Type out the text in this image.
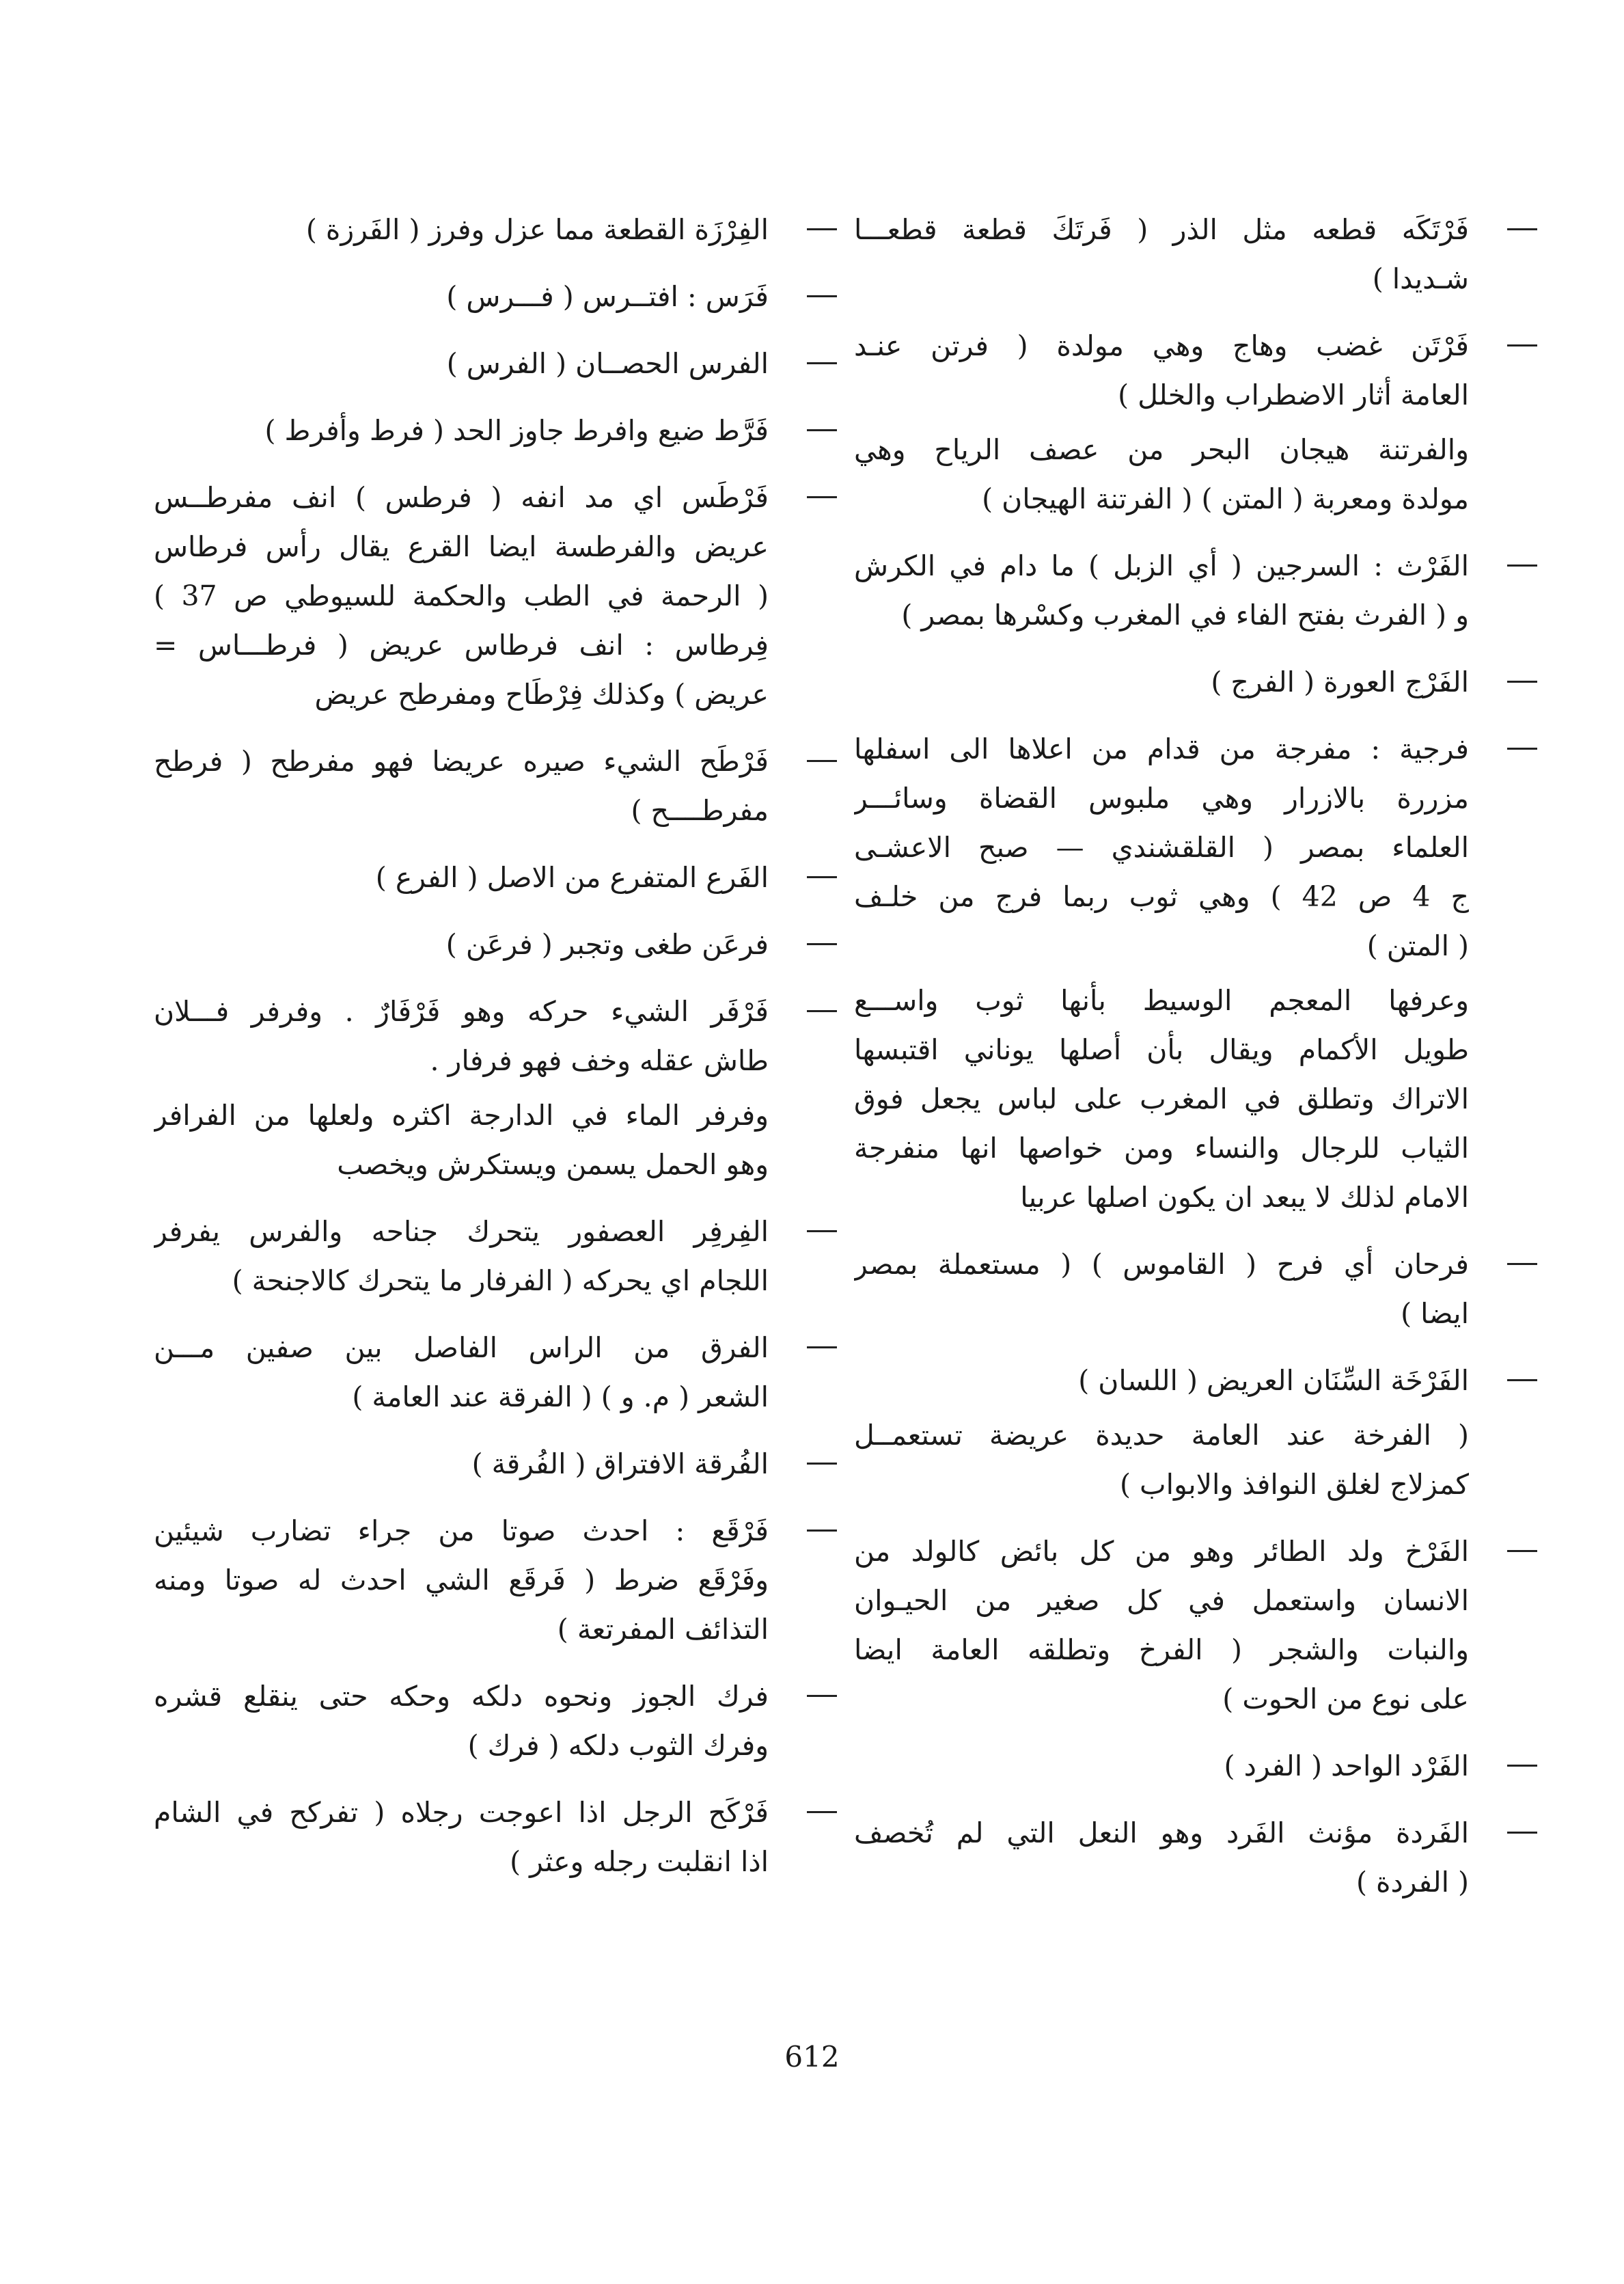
فَرْتَكَه قطعه مثل الذر ( فَرتَكَ قطعة قطعـــا
شـديدا )
فَرْتَن غضب وهاج وهي مولدة ( فرتن عنـد
العامة أثار الاضطراب والخلل )
والفرتنة هيجان البحر من عصف الرياح وهي
مولدة ومعربة ( المتن ) ( الفرتنة الهيجان )
الفَرْث : السرجين ( أي الزبل ) ما دام في الكرش
و ( الفرث بفتح الفاء في المغرب وكسْرها بمصر )
الفَرْج العورة ( الفرج )
فرجية : مفرجة من قدام من اعلاها الى اسفلها
مزررة بالازرار وهي ملبوس القضاة وسائـــر
العلماء بمصر ( القلقشندي — صبح الاعشـى
ج 4 ص 42 ) وهي ثوب ربما فرج من خلـف
( المتن )
وعرفها المعجم الوسيط بأنها ثوب واســـع
طويل الأكمام ويقال بأن أصلها يوناني اقتبسها
الاتراك وتطلق في المغرب على لباس يجعل فوق
الثياب للرجال والنساء ومن خواصها انها منفرجة
الامام لذلك لا يبعد ان يكون اصلها عربيا
فرحان أي فرح ( القاموس ) ( مستعملة بمصر
ايضا )
الفَرْخَة السِّنَان العريض ( اللسان )
( الفرخة عند العامة حديدة عريضة تستعمــل
كمزلاج لغلق النوافذ والابواب )
الفَرْخ ولد الطائر وهو من كل بائض كالولد من
الانسان واستعمل في كل صغير من الحيـوان
والنبات والشجر ( الفرخ وتطلقه العامة ايضا
على نوع من الحوت )
الفَرْد الواحد ( الفرد )
الفَردة مؤنث الفَرد وهو النعل التي لم تُخصف
( الفردة )
الفِرْزَة القطعة مما عزل وفرز ( الفَرزة )
فَرَس : افتــرس ( فـــرس )
الفرس الحصــان ( الفرس )
فَرَّط ضيع وافرط جاوز الحد ( فرط وأفرط )
فَرْطَس اي مد انفه ( فرطس ) انف مفرطــس
عريض والفرطسة ايضا القرع يقال رأس فرطاس
( الرحمة في الطب والحكمة للسيوطي ص 37 )
فِرطاس : انف فرطاس عريض ( فرطـــاس =
عريض ) وكذلك فِرْطَاح ومفرطح عريض
فَرْطَح الشيء صيره عريضا فهو مفرطح ( فرطح
مفرطــــح )
الفَرع المتفرع من الاصل ( الفرع )
فرعَن طغى وتجبر ( فرعَن )
فَرْفَر الشيء حركه وهو فَرْفَارٌ . وفرفر فـــلان
طاش عقله وخف فهو فرفار .
وفرفر الماء في الدارجة اكثره ولعلها من الفرافر
وهو الحمل يسمن ويستكرش ويخصب
الفِرفِر العصفور يتحرك جناحه والفرس يفرفر
اللجام اي يحركه ( الفرفار ما يتحرك كالاجنحة )
الفرق من الراس الفاصل بين صفين مـــن
الشعر ( م. و ) ( الفرقة عند العامة )
الفُرقة الافتراق ( الفُرقة )
فَرْقَع : احدث صوتا من جراء تضارب شيئين
وفَرْقَع ضرط ( فَرقَع الشي احدث له صوتا ومنه
التذائف المفرتعة )
فرك الجوز ونحوه دلكه وحكه حتى ينقلع قشره
وفرك الثوب دلكه ( فرك )
فَرْكَح الرجل اذا اعوجت رجلاه ( تفركح في الشام
اذا انقلبت رجله وعثر )
612
